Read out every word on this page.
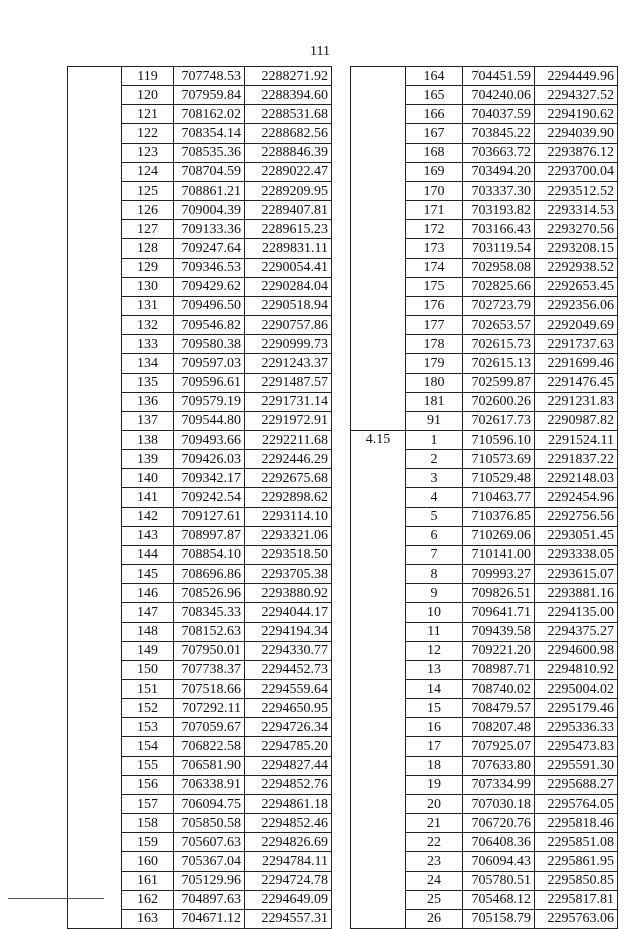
111
	119	707748.53	2288271.92
	120	707959.84	2288394.60
	121	708162.02	2288531.68
	122	708354.14	2288682.56
	123	708535.36	2288846.39
	124	708704.59	2289022.47
	125	708861.21	2289209.95
	126	709004.39	2289407.81
	127	709133.36	2289615.23
	128	709247.64	2289831.11
	129	709346.53	2290054.41
	130	709429.62	2290284.04
	131	709496.50	2290518.94
	132	709546.82	2290757.86
	133	709580.38	2290999.73
	134	709597.03	2291243.37
	135	709596.61	2291487.57
	136	709579.19	2291731.14
	137	709544.80	2291972.91
	138	709493.66	2292211.68
	139	709426.03	2292446.29
	140	709342.17	2292675.68
	141	709242.54	2292898.62
	142	709127.61	2293114.10
	143	708997.87	2293321.06
	144	708854.10	2293518.50
	145	708696.86	2293705.38
	146	708526.96	2293880.92
	147	708345.33	2294044.17
	148	708152.63	2294194.34
	149	707950.01	2294330.77
	150	707738.37	2294452.73
	151	707518.66	2294559.64
	152	707292.11	2294650.95
	153	707059.67	2294726.34
	154	706822.58	2294785.20
	155	706581.90	2294827.44
	156	706338.91	2294852.76
	157	706094.75	2294861.18
	158	705850.58	2294852.46
	159	705607.63	2294826.69
	160	705367.04	2294784.11
	161	705129.96	2294724.78
	162	704897.63	2294649.09
	163	704671.12	2294557.31
	164	704451.59	2294449.96
	165	704240.06	2294327.52
	166	704037.59	2294190.62
	167	703845.22	2294039.90
	168	703663.72	2293876.12
	169	703494.20	2293700.04
	170	703337.30	2293512.52
	171	703193.82	2293314.53
	172	703166.43	2293270.56
	173	703119.54	2293208.15
	174	702958.08	2292938.52
	175	702825.66	2292653.45
	176	702723.79	2292356.06
	177	702653.57	2292049.69
	178	702615.73	2291737.63
	179	702615.13	2291699.46
	180	702599.87	2291476.45
	181	702600.26	2291231.83
	91	702617.73	2290987.82
4.15	1	710596.10	2291524.11
	2	710573.69	2291837.22
	3	710529.48	2292148.03
	4	710463.77	2292454.96
	5	710376.85	2292756.56
	6	710269.06	2293051.45
	7	710141.00	2293338.05
	8	709993.27	2293615.07
	9	709826.51	2293881.16
	10	709641.71	2294135.00
	11	709439.58	2294375.27
	12	709221.20	2294600.98
	13	708987.71	2294810.92
	14	708740.02	2295004.02
	15	708479.57	2295179.46
	16	708207.48	2295336.33
	17	707925.07	2295473.83
	18	707633.80	2295591.30
	19	707334.99	2295688.27
	20	707030.18	2295764.05
	21	706720.76	2295818.46
	22	706408.36	2295851.08
	23	706094.43	2295861.95
	24	705780.51	2295850.85
	25	705468.12	2295817.81
	26	705158.79	2295763.06
